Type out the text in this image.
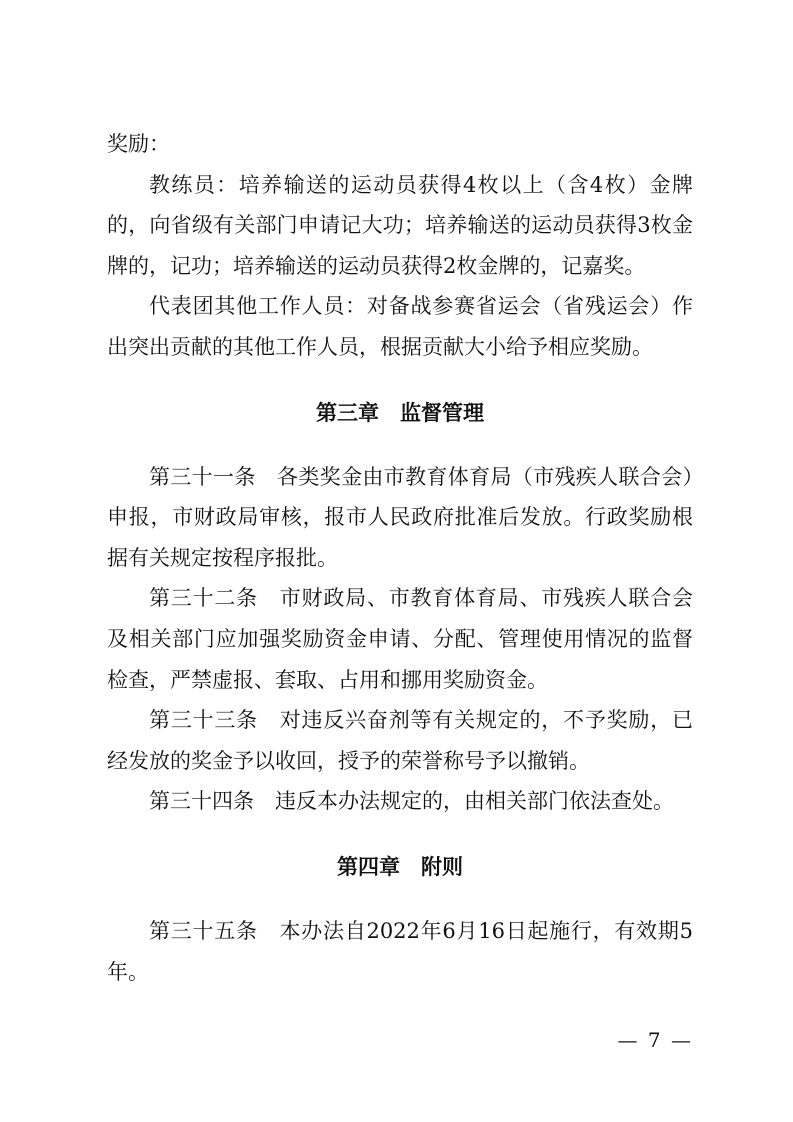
奖励：

教练员：培养输送的运动员获得4枚以上（含4枚）金牌的，向省级有关部门申请记大功；培养输送的运动员获得3枚金牌的，记功；培养输送的运动员获得2枚金牌的，记嘉奖。

代表团其他工作人员：对备战参赛省运会（省残运会）作出突出贡献的其他工作人员，根据贡献大小给予相应奖励。

第三章 监督管理

第三十一条 各类奖金由市教育体育局（市残疾人联合会）申报，市财政局审核，报市人民政府批准后发放。行政奖励根据有关规定按程序报批。

第三十二条 市财政局、市教育体育局、市残疾人联合会及相关部门应加强奖励资金申请、分配、管理使用情况的监督检查，严禁虚报、套取、占用和挪用奖励资金。

第三十三条 对违反兴奋剂等有关规定的，不予奖励，已经发放的奖金予以收回，授予的荣誉称号予以撤销。

第三十四条 违反本办法规定的，由相关部门依法查处。

第四章 附则

第三十五条 本办法自2022年6月16日起施行，有效期5年。

— 7 —
